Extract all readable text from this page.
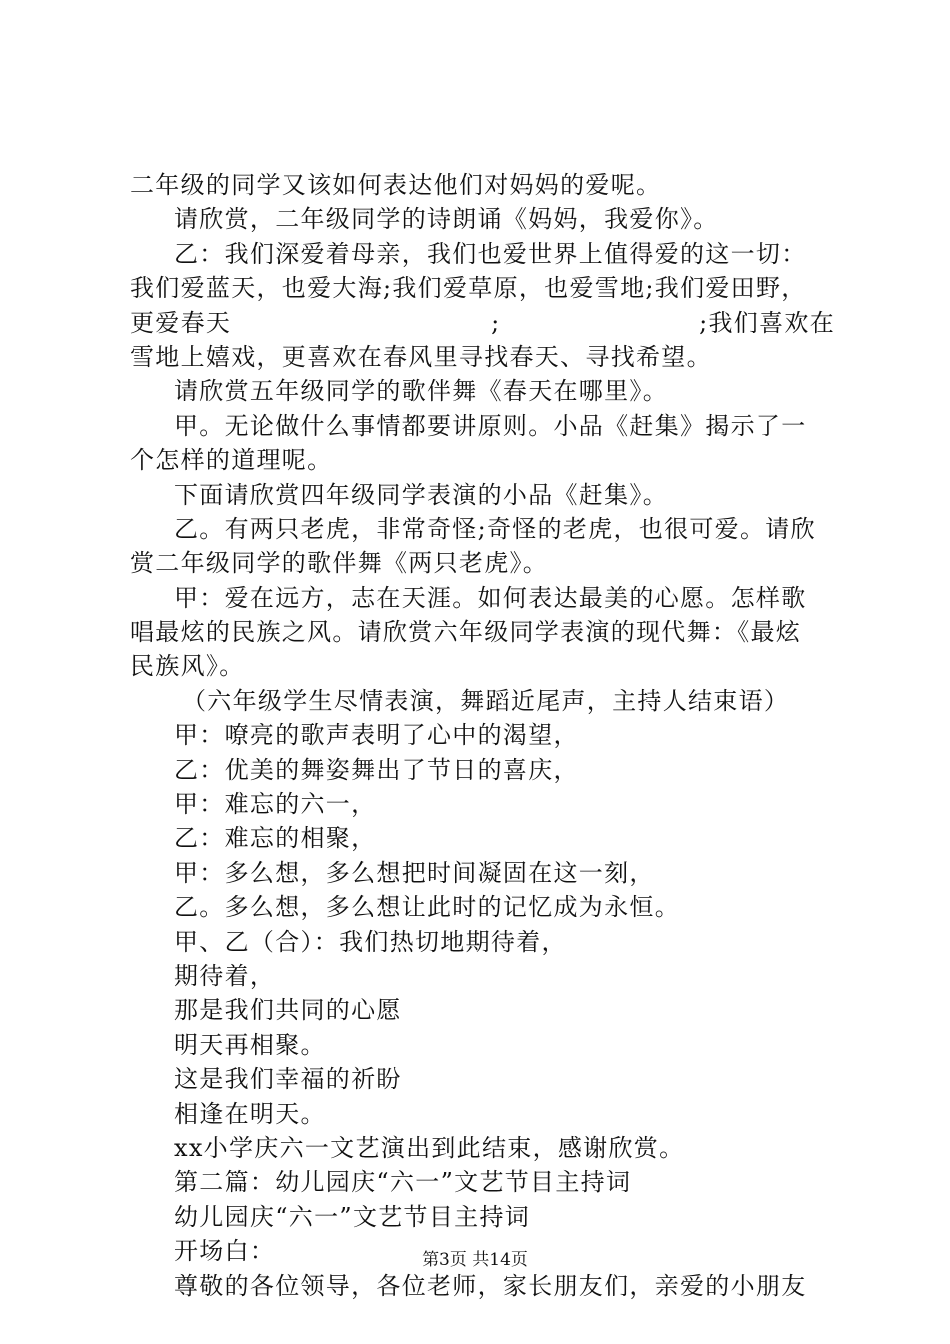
二年级的同学又该如何表达他们对妈妈的爱呢。
请欣赏，二年级同学的诗朗诵《妈妈，我爱你》。
乙：我们深爱着母亲，我们也爱世界上值得爱的这一切：
我们爱蓝天，也爱大海;我们爱草原，也爱雪地;我们爱田野，
更爱春天	;	;我们喜欢在
雪地上嬉戏，更喜欢在春风里寻找春天、寻找希望。
请欣赏五年级同学的歌伴舞《春天在哪里》。
甲。无论做什么事情都要讲原则。小品《赶集》揭示了一
个怎样的道理呢。
下面请欣赏四年级同学表演的小品《赶集》。
乙。有两只老虎，非常奇怪;奇怪的老虎，也很可爱。请欣
赏二年级同学的歌伴舞《两只老虎》。
甲：爱在远方，志在天涯。如何表达最美的心愿。怎样歌
唱最炫的民族之风。请欣赏六年级同学表演的现代舞：《最炫
民族风》。
（六年级学生尽情表演，舞蹈近尾声，主持人结束语）
甲：嘹亮的歌声表明了心中的渴望，
乙：优美的舞姿舞出了节日的喜庆，
甲：难忘的六一，
乙：难忘的相聚，
甲：多么想，多么想把时间凝固在这一刻，
乙。多么想，多么想让此时的记忆成为永恒。
甲、乙（合）：我们热切地期待着，
期待着，
那是我们共同的心愿
明天再相聚。
这是我们幸福的祈盼
相逢在明天。
xx小学庆六一文艺演出到此结束，感谢欣赏。
第二篇：幼儿园庆“六一”文艺节目主持词
幼儿园庆“六一”文艺节目主持词
开场白：
尊敬的各位领导，各位老师，家长朋友们，亲爱的小朋友
第3页 共14页
